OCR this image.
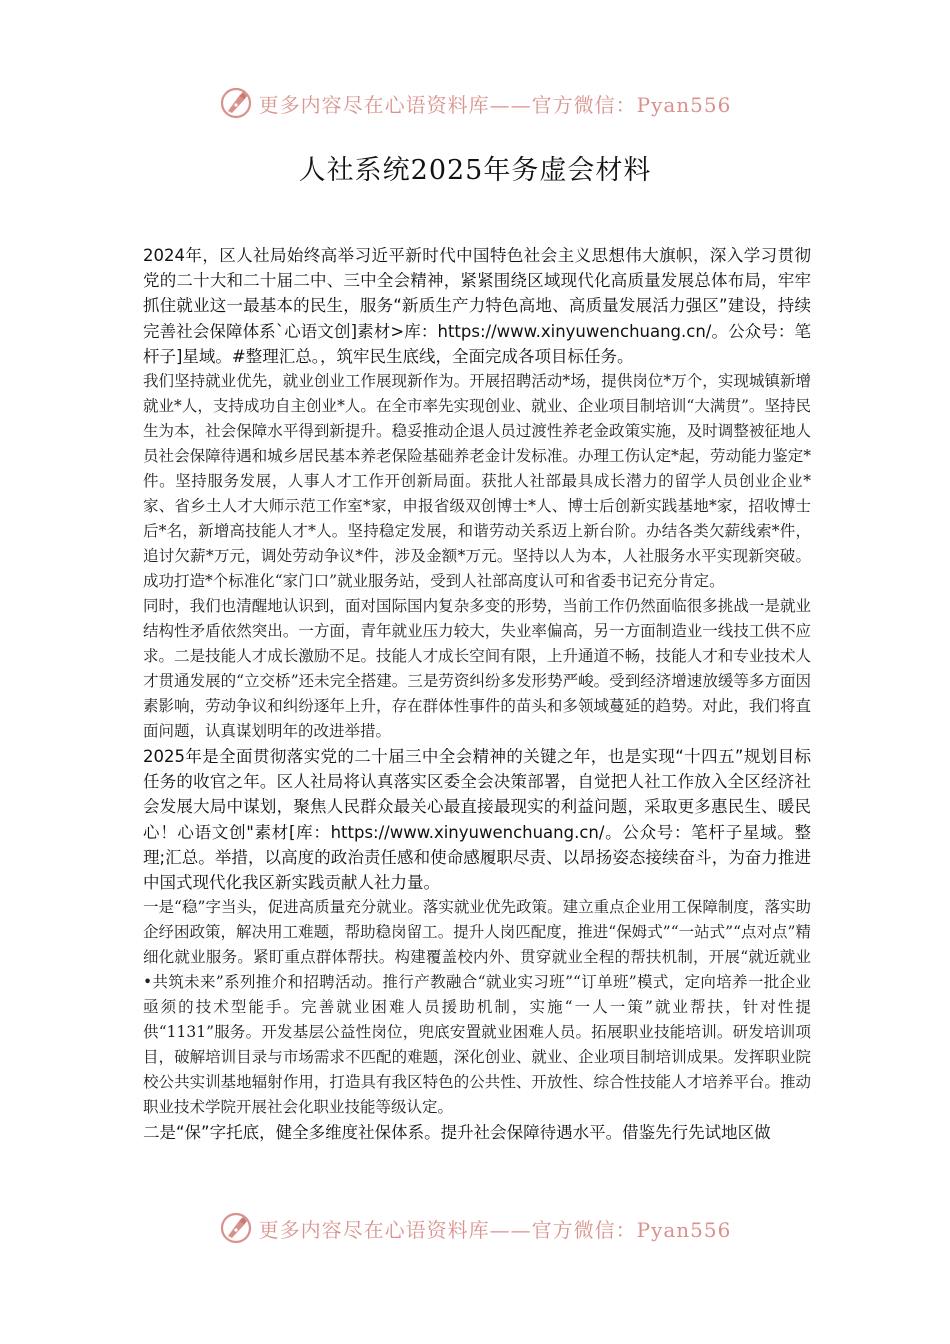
更多内容尽在心语资料库——官方微信：Pyan556
人社系统2025年务虚会材料

2024年，区人社局始终高举习近平新时代中国特色社会主义思想伟大旗帜，深入学习贯彻党的二十大和二十届二中、三中全会精神，紧紧围绕区域现代化高质量发展总体布局，牢牢抓住就业这一最基本的民生，服务“新质生产力特色高地、高质量发展活力强区”建设，持续完善社会保障体系`心语文创]素材>库：https://www.xinyuwenchuang.cn/。公众号：笔杆子]星域。#整理汇总。，筑牢民生底线，全面完成各项目标任务。

我们坚持就业优先，就业创业工作展现新作为。开展招聘活动*场，提供岗位*万个，实现城镇新增就业*人，支持成功自主创业*人。在全市率先实现创业、就业、企业项目制培训“大满贯”。坚持民生为本，社会保障水平得到新提升。稳妥推动企退人员过渡性养老金政策实施，及时调整被征地人员社会保障待遇和城乡居民基本养老保险基础养老金计发标准。办理工伤认定*起，劳动能力鉴定*件。坚持服务发展，人事人才工作开创新局面。获批人社部最具成长潜力的留学人员创业企业*家、省乡土人才大师示范工作室*家，申报省级双创博士*人、博士后创新实践基地*家，招收博士后*名，新增高技能人才*人。坚持稳定发展，和谐劳动关系迈上新台阶。办结各类欠薪线索*件，追讨欠薪*万元，调处劳动争议*件，涉及金额*万元。坚持以人为本，人社服务水平实现新突破。成功打造*个标准化“家门口”就业服务站，受到人社部高度认可和省委书记充分肯定。

同时，我们也清醒地认识到，面对国际国内复杂多变的形势，当前工作仍然面临很多挑战一是就业结构性矛盾依然突出。一方面，青年就业压力较大，失业率偏高，另一方面制造业一线技工供不应求。二是技能人才成长激励不足。技能人才成长空间有限，上升通道不畅，技能人才和专业技术人才贯通发展的“立交桥”还未完全搭建。三是劳资纠纷多发形势严峻。受到经济增速放缓等多方面因素影响，劳动争议和纠纷逐年上升，存在群体性事件的苗头和多领域蔓延的趋势。对此，我们将直面问题，认真谋划明年的改进举措。

2025年是全面贯彻落实党的二十届三中全会精神的关键之年，也是实现“十四五”规划目标任务的收官之年。区人社局将认真落实区委全会决策部署，自觉把人社工作放入全区经济社会发展大局中谋划，聚焦人民群众最关心最直接最现实的利益问题，采取更多惠民生、暖民心！心语文创"素材[库：https://www.xinyuwenchuang.cn/。公众号：笔杆子星域。整理;汇总。举措，以高度的政治责任感和使命感履职尽责、以昂扬姿态接续奋斗，为奋力推进中国式现代化我区新实践贡献人社力量。

一是“稳”字当头，促进高质量充分就业。落实就业优先政策。建立重点企业用工保障制度，落实助企纾困政策，解决用工难题，帮助稳岗留工。提升人岗匹配度，推进“保姆式”“一站式”“点对点”精细化就业服务。紧盯重点群体帮扶。构建覆盖校内外、贯穿就业全程的帮扶机制，开展“就近就业•共筑未来”系列推介和招聘活动。推行产教融合“就业实习班”“订单班”模式，定向培养一批企业亟须的技术型能手。完善就业困难人员援助机制，实施“一人一策”就业帮扶，针对性提供“1131”服务。开发基层公益性岗位，兜底安置就业困难人员。拓展职业技能培训。研发培训项目，破解培训目录与市场需求不匹配的难题，深化创业、就业、企业项目制培训成果。发挥职业院校公共实训基地辐射作用，打造具有我区特色的公共性、开放性、综合性技能人才培养平台。推动职业技术学院开展社会化职业技能等级认定。

二是“保”字托底，健全多维度社保体系。提升社会保障待遇水平。借鉴先行先试地区做

更多内容尽在心语资料库——官方微信：Pyan556
